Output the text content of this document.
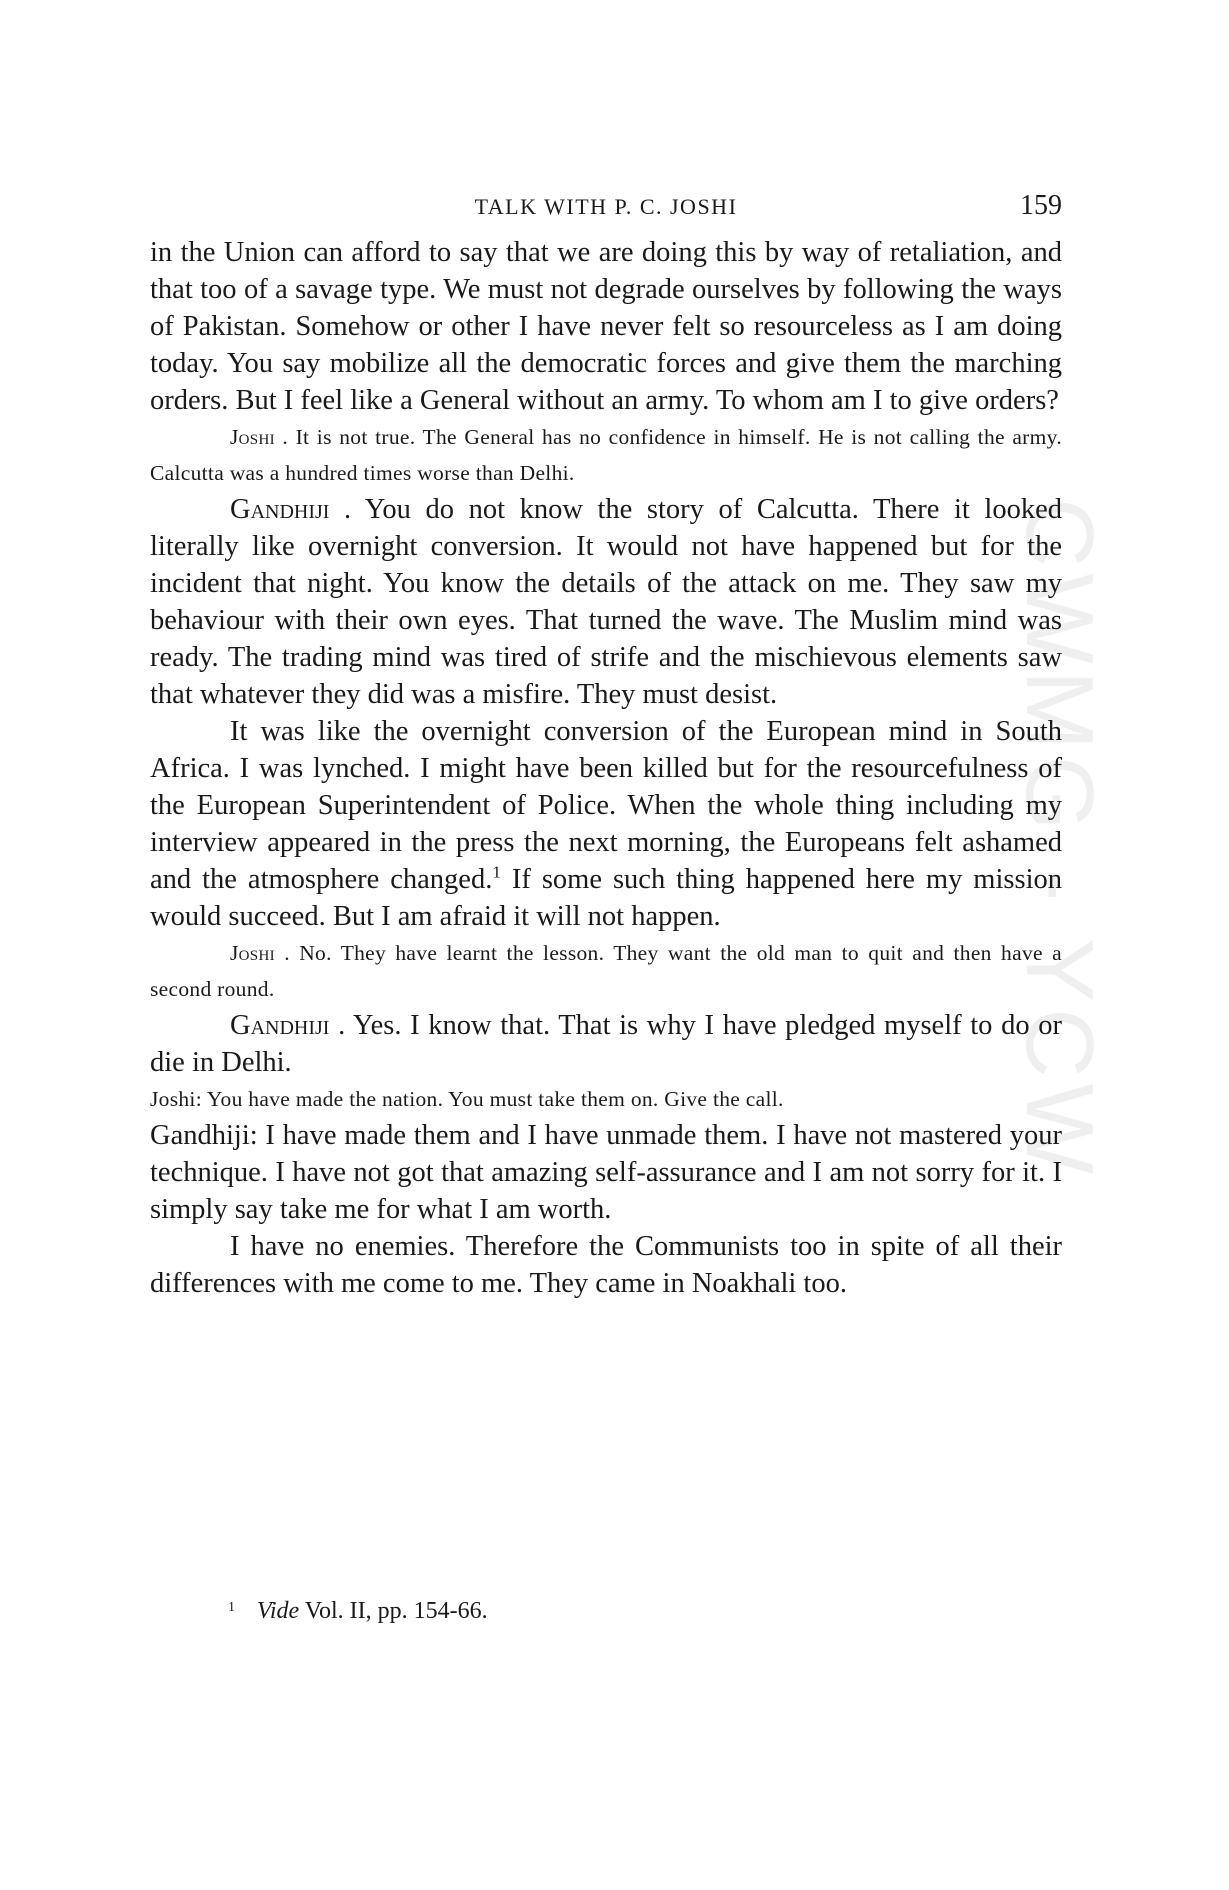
CWMG - YCW
TALK WITH P. C. JOSHI	159

in the Union can afford to say that we are doing this by way of retaliation, and that too of a savage type. We must not degrade ourselves by following the ways of Pakistan. Somehow or other I have never felt so resourceless as I am doing today. You say mobilize all the democratic forces and give them the marching orders. But I feel like a General without an army. To whom am I to give orders?

Joshi . It is not true. The General has no confidence in himself. He is not calling the army. Calcutta was a hundred times worse than Delhi.

Gandhiji . You do not know the story of Calcutta. There it looked literally like overnight conversion. It would not have happened but for the incident that night. You know the details of the attack on me. They saw my behaviour with their own eyes. That turned the wave. The Muslim mind was ready. The trading mind was tired of strife and the mischievous elements saw that whatever they did was a misfire. They must desist.

It was like the overnight conversion of the European mind in South Africa. I was lynched. I might have been killed but for the resourcefulness of the European Superintendent of Police. When the whole thing including my interview appeared in the press the next morning, the Europeans felt ashamed and the atmosphere changed.$^1$ If some such thing happened here my mission would succeed. But I am afraid it will not happen.

Joshi . No. They have learnt the lesson. They want the old man to quit and then have a second round.

Gandhiji . Yes. I know that. That is why I have pledged myself to do or die in Delhi.

Joshi: You have made the nation. You must take them on. Give the call.

Gandhiji: I have made them and I have unmade them. I have not mastered your technique. I have not got that amazing self-assurance and I am not sorry for it. I simply say take me for what I am worth.

I have no enemies. Therefore the Communists too in spite of all their differences with me come to me. They came in Noakhali too.

$^1$ Vide Vol. II, pp. 154-66.
